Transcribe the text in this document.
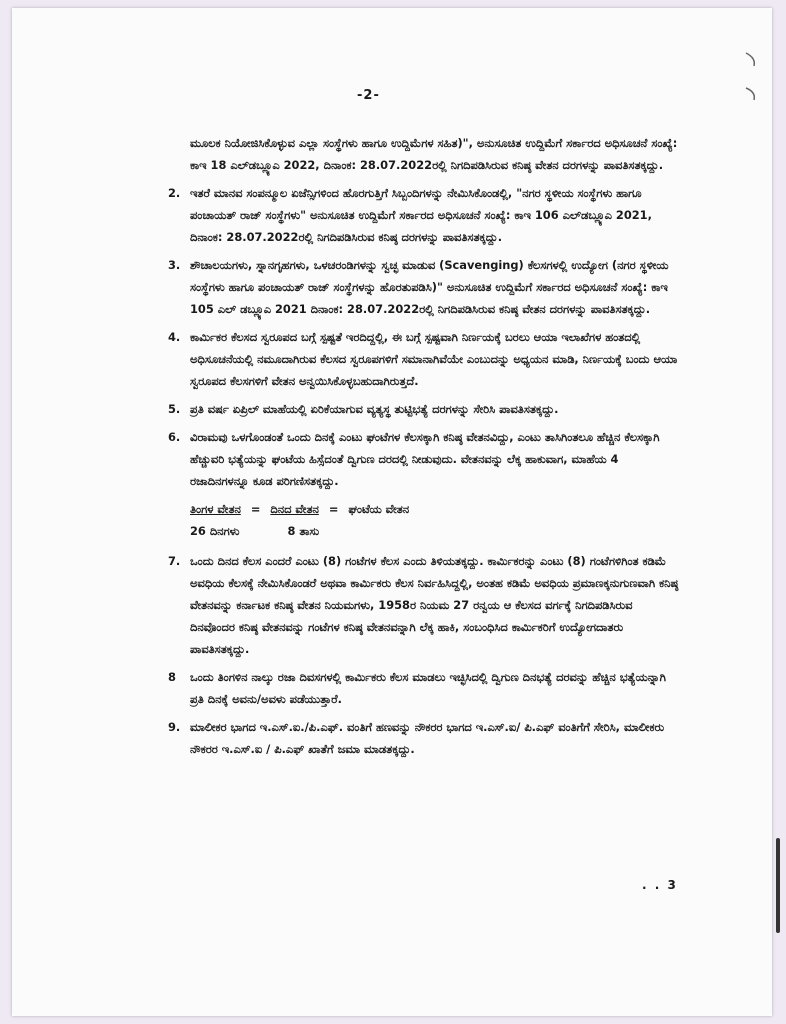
-2-

ಮೂಲಕ ನಿಯೋಜಿಸಿಕೊಳ್ಳುವ ಎಲ್ಲಾ ಸಂಸ್ಥೆಗಳು ಹಾಗೂ ಉದ್ದಿಮೆಗಳ ಸಹಿತ)", ಅನುಸೂಚಿತ ಉದ್ದಿಮೆಗೆ ಸರ್ಕಾರದ ಅಧಿಸೂಚನೆ ಸಂಖ್ಯೆ: ಕಾಇ 18 ಎಲ್‌ಡಬ್ಲ್ಯೂಎ 2022, ದಿನಾಂಕ: 28.07.2022ರಲ್ಲಿ ನಿಗದಿಪಡಿಸಿರುವ ಕನಿಷ್ಠ ವೇತನ ದರಗಳನ್ನು ಪಾವತಿಸತಕ್ಕದ್ದು.

2. ಇತರೆ ಮಾನವ ಸಂಪನ್ಮೂಲ ಏಜೆನ್ಸಿಗಳಿಂದ ಹೊರಗುತ್ತಿಗೆ ಸಿಬ್ಬಂದಿಗಳನ್ನು ನೇಮಿಸಿಕೊಂಡಲ್ಲಿ, "ನಗರ ಸ್ಥಳೀಯ ಸಂಸ್ಥೆಗಳು ಹಾಗೂ ಪಂಚಾಯತ್ ರಾಜ್ ಸಂಸ್ಥೆಗಳು" ಅನುಸೂಚಿತ ಉದ್ದಿಮೆಗೆ ಸರ್ಕಾರದ ಅಧಿಸೂಚನೆ ಸಂಖ್ಯೆ: ಕಾಇ 106 ಎಲ್‌ಡಬ್ಲ್ಯೂಎ 2021, ದಿನಾಂಕ: 28.07.2022ರಲ್ಲಿ ನಿಗದಿಪಡಿಸಿರುವ ಕನಿಷ್ಠ ದರಗಳನ್ನು ಪಾವತಿಸತಕ್ಕದ್ದು.
3. ಶೌಚಾಲಯಗಳು, ಸ್ನಾನಗೃಹಗಳು, ಒಳಚರಂಡಿಗಳನ್ನು ಸ್ವಚ್ಛ ಮಾಡುವ (Scavenging) ಕೆಲಸಗಳಲ್ಲಿ ಉದ್ಯೋಗ (ನಗರ ಸ್ಥಳೀಯ ಸಂಸ್ಥೆಗಳು ಹಾಗೂ ಪಂಚಾಯತ್ ರಾಜ್ ಸಂಸ್ಥೆಗಳನ್ನು ಹೊರತುಪಡಿಸಿ)" ಅನುಸೂಚಿತ ಉದ್ದಿಮೆಗೆ ಸರ್ಕಾರದ ಅಧಿಸೂಚನೆ ಸಂಖ್ಯೆ: ಕಾಇ 105 ಎಲ್ ಡಬ್ಲ್ಯೂಎ 2021 ದಿನಾಂಕ: 28.07.2022ರಲ್ಲಿ ನಿಗದಿಪಡಿಸಿರುವ ಕನಿಷ್ಠ ವೇತನ ದರಗಳನ್ನು ಪಾವತಿಸತಕ್ಕದ್ದು.
4. ಕಾರ್ಮಿಕರ ಕೆಲಸದ ಸ್ವರೂಪದ ಬಗ್ಗೆ ಸ್ಪಷ್ಟತೆ ಇರದಿದ್ದಲ್ಲಿ, ಈ ಬಗ್ಗೆ ಸ್ಪಷ್ಟವಾಗಿ ನಿರ್ಣಯಕ್ಕೆ ಬರಲು ಆಯಾ ಇಲಾಖೆಗಳ ಹಂತದಲ್ಲಿ ಅಧಿಸೂಚನೆಯಲ್ಲಿ ನಮೂದಾಗಿರುವ ಕೆಲಸದ ಸ್ವರೂಪಗಳಿಗೆ ಸಮಾನಾಗಿವೆಯೇ ಎಂಬುದನ್ನು ಅಧ್ಯಯನ ಮಾಡಿ, ನಿರ್ಣಯಕ್ಕೆ ಬಂದು ಆಯಾ ಸ್ವರೂಪದ ಕೆಲಸಗಳಿಗೆ ವೇತನ ಅನ್ವಯಿಸಿಕೊಳ್ಳಬಹುದಾಗಿರುತ್ತದೆ.
5. ಪ್ರತಿ ವರ್ಷ ಏಪ್ರಿಲ್ ಮಾಹೆಯಲ್ಲಿ ಏರಿಕೆಯಾಗುವ ವ್ಯತ್ಯಸ್ಥ ತುಟ್ಟಿಭತ್ಯೆ ದರಗಳನ್ನು ಸೇರಿಸಿ ಪಾವತಿಸತಕ್ಕದ್ದು.
6. ವಿರಾಮವು ಒಳಗೊಂಡಂತೆ ಒಂದು ದಿನಕ್ಕೆ ಎಂಟು ಘಂಟೆಗಳ ಕೆಲಸಕ್ಕಾಗಿ ಕನಿಷ್ಠ ವೇತನವಿದ್ದು, ಎಂಟು ತಾಸಿಗಿಂತಲೂ ಹೆಚ್ಚಿನ ಕೆಲಸಕ್ಕಾಗಿ ಹೆಚ್ಚುವರಿ ಭತ್ಯೆಯನ್ನು ಘಂಟೆಯ ಹಿಸ್ಸೆದಂತೆ ದ್ವಿಗುಣ ದರದಲ್ಲಿ ನೀಡುವುದು. ವೇತನವನ್ನು ಲೆಕ್ಕ ಹಾಕುವಾಗ, ಮಾಹೆಯ 4 ರಜಾದಿನಗಳನ್ನೂ ಕೂಡ ಪರಿಗಣಿಸತಕ್ಕದ್ದು.
ತಿಂಗಳ ವೇತನ = ದಿನದ ವೇತನ = ಘಂಟೆಯ ವೇತನ
26 ದಿನಗಳು	8 ತಾಸು
7. ಒಂದು ದಿನದ ಕೆಲಸ ಎಂದರೆ ಎಂಟು (8) ಗಂಟೆಗಳ ಕೆಲಸ ಎಂದು ತಿಳಿಯತಕ್ಕದ್ದು. ಕಾರ್ಮಿಕರನ್ನು ಎಂಟು (8) ಗಂಟೆಗಳಿಗಿಂತ ಕಡಿಮೆ ಅವಧಿಯ ಕೆಲಸಕ್ಕೆ ನೇಮಿಸಿಕೊಂಡರೆ ಅಥವಾ ಕಾರ್ಮಿಕರು ಕೆಲಸ ನಿರ್ವಹಿಸಿದ್ದಲ್ಲಿ, ಅಂತಹ ಕಡಿಮೆ ಅವಧಿಯ ಪ್ರಮಾಣಕ್ಕನುಗುಣವಾಗಿ ಕನಿಷ್ಠ ವೇತನವನ್ನು ಕರ್ನಾಟಕ ಕನಿಷ್ಠ ವೇತನ ನಿಯಮಗಳು, 1958ರ ನಿಯಮ 27 ರನ್ವಯ ಆ ಕೆಲಸದ ವರ್ಗಕ್ಕೆ ನಿಗದಿಪಡಿಸಿರುವ ದಿನವೊಂದರ ಕನಿಷ್ಠ ವೇತನವನ್ನು ಗಂಟೆಗಳ ಕನಿಷ್ಠ ವೇತನವನ್ನಾಗಿ ಲೆಕ್ಕ ಹಾಕಿ, ಸಂಬಂಧಿಸಿದ ಕಾರ್ಮಿಕರಿಗೆ ಉದ್ಯೋಗದಾತರು ಪಾವತಿಸತಕ್ಕದ್ದು.
8	ಒಂದು ತಿಂಗಳಿನ ನಾಲ್ಕು ರಜಾ ದಿವಸಗಳಲ್ಲಿ ಕಾರ್ಮಿಕರು ಕೆಲಸ ಮಾಡಲು ಇಚ್ಛಿಸಿದಲ್ಲಿ ದ್ವಿಗುಣ ದಿನಭತ್ಯೆ ದರವನ್ನು ಹೆಚ್ಚಿನ ಭತ್ಯೆಯನ್ನಾಗಿ ಪ್ರತಿ ದಿನಕ್ಕೆ ಅವನು/ಅವಳು ಪಡೆಯುತ್ತಾರೆ.
9. ಮಾಲೀಕರ ಭಾಗದ ಇ.ಎಸ್.ಐ./ಪಿ.ಎಫ್. ವಂತಿಗೆ ಹಣವನ್ನು ನೌಕರರ ಭಾಗದ ಇ.ಎಸ್.ಐ/ ಪಿ.ಎಫ್ ವಂತಿಗೆಗೆ ಸೇರಿಸಿ, ಮಾಲೀಕರು ನೌಕರರ ಇ.ಎಸ್.ಐ / ಪಿ.ಎಫ್ ಖಾತೆಗೆ ಜಮಾ ಮಾಡತಕ್ಕದ್ದು.
. . 3
